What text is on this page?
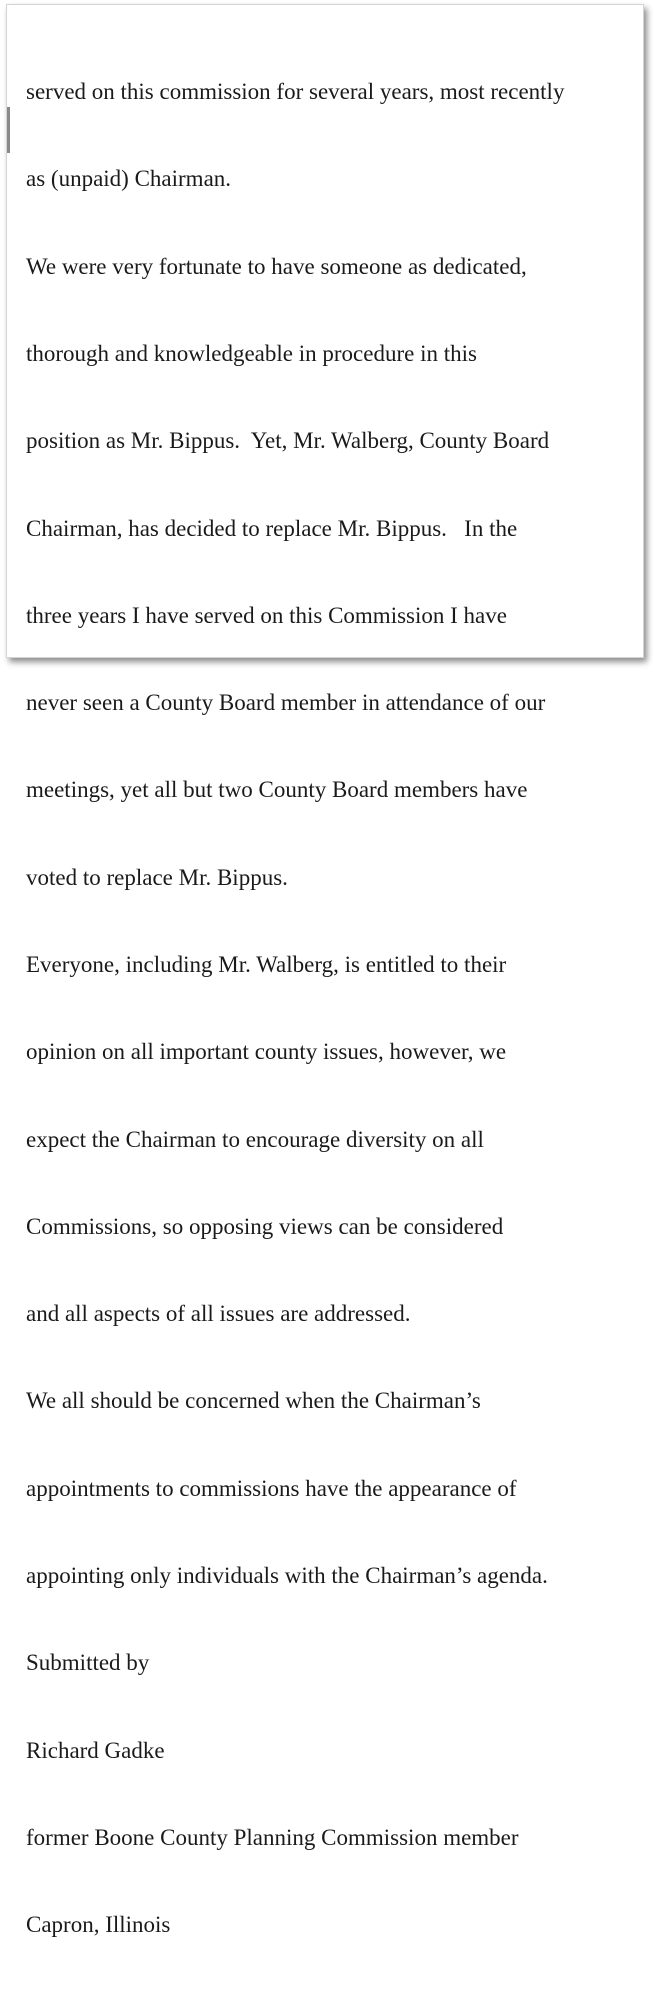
served on this commission for several years, most recently

as (unpaid) Chairman.

We were very fortunate to have someone as dedicated,

thorough and knowledgeable in procedure in this

position as Mr. Bippus.  Yet, Mr. Walberg, County Board

Chairman, has decided to replace Mr. Bippus.   In the

three years I have served on this Commission I have

never seen a County Board member in attendance of our

meetings, yet all but two County Board members have

voted to replace Mr. Bippus.

Everyone, including Mr. Walberg, is entitled to their

opinion on all important county issues, however, we

expect the Chairman to encourage diversity on all

Commissions, so opposing views can be considered

and all aspects of all issues are addressed.

We all should be concerned when the Chairman’s

appointments to commissions have the appearance of

appointing only individuals with the Chairman’s agenda.

Submitted by

Richard Gadke

former Boone County Planning Commission member

Capron, Illinois
